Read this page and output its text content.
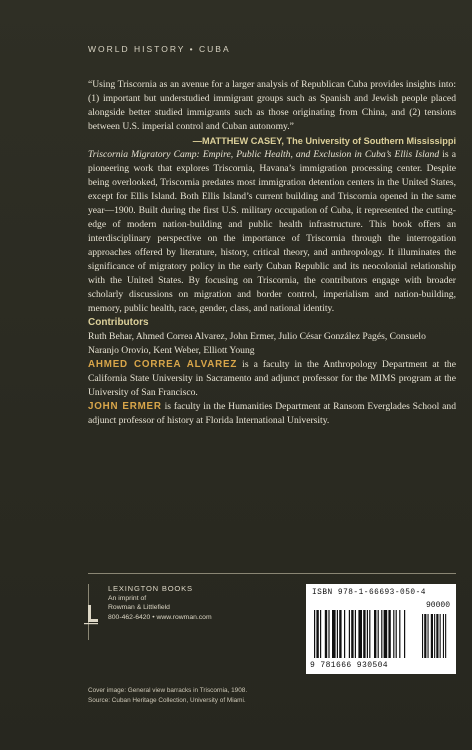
WORLD HISTORY • CUBA

“Using Triscornia as an avenue for a larger analysis of Republican Cuba provides insights into: (1) important but understudied immigrant groups such as Spanish and Jewish people placed alongside better studied immigrants such as those originating from China, and (2) tensions between U.S. imperial control and Cuban autonomy.”

—MATTHEW CASEY, The University of Southern Mississippi

Triscornia Migratory Camp: Empire, Public Health, and Exclusion in Cuba’s Ellis Island is a pioneering work that explores Triscornia, Havana’s immigration processing center. Despite being overlooked, Triscornia predates most immigration detention centers in the United States, except for Ellis Island. Both Ellis Island’s current building and Triscornia opened in the same year—1900. Built during the first U.S. military occupation of Cuba, it represented the cutting-edge of modern nation-building and public health infrastructure. This book offers an interdisciplinary perspective on the importance of Triscornia through the interrogation approaches offered by literature, history, critical theory, and anthropology. It illuminates the significance of migratory policy in the early Cuban Republic and its neocolonial relationship with the United States. By focusing on Triscornia, the contributors engage with broader scholarly discussions on migration and border control, imperialism and nation-building, memory, public health, race, gender, class, and national identity.

Contributors

Ruth Behar, Ahmed Correa Alvarez, John Ermer, Julio César González Pagés, Consuelo Naranjo Orovio, Kent Weber, Elliott Young

AHMED CORREA ALVAREZ is a faculty in the Anthropology Department at the California State University in Sacramento and adjunct professor for the MIMS program at the University of San Francisco.

JOHN ERMER is faculty in the Humanities Department at Ransom Everglades School and adjunct professor of history at Florida International University.

LEXINGTON BOOKS
An imprint of
Rowman & Littlefield
800-462-6420 • www.rowman.com
Cover image: General view barracks in Triscornia, 1908.
Source: Cuban Heritage Collection, University of Miami.
ISBN 978-1-66693-050-4
90000
9 781666 930504
